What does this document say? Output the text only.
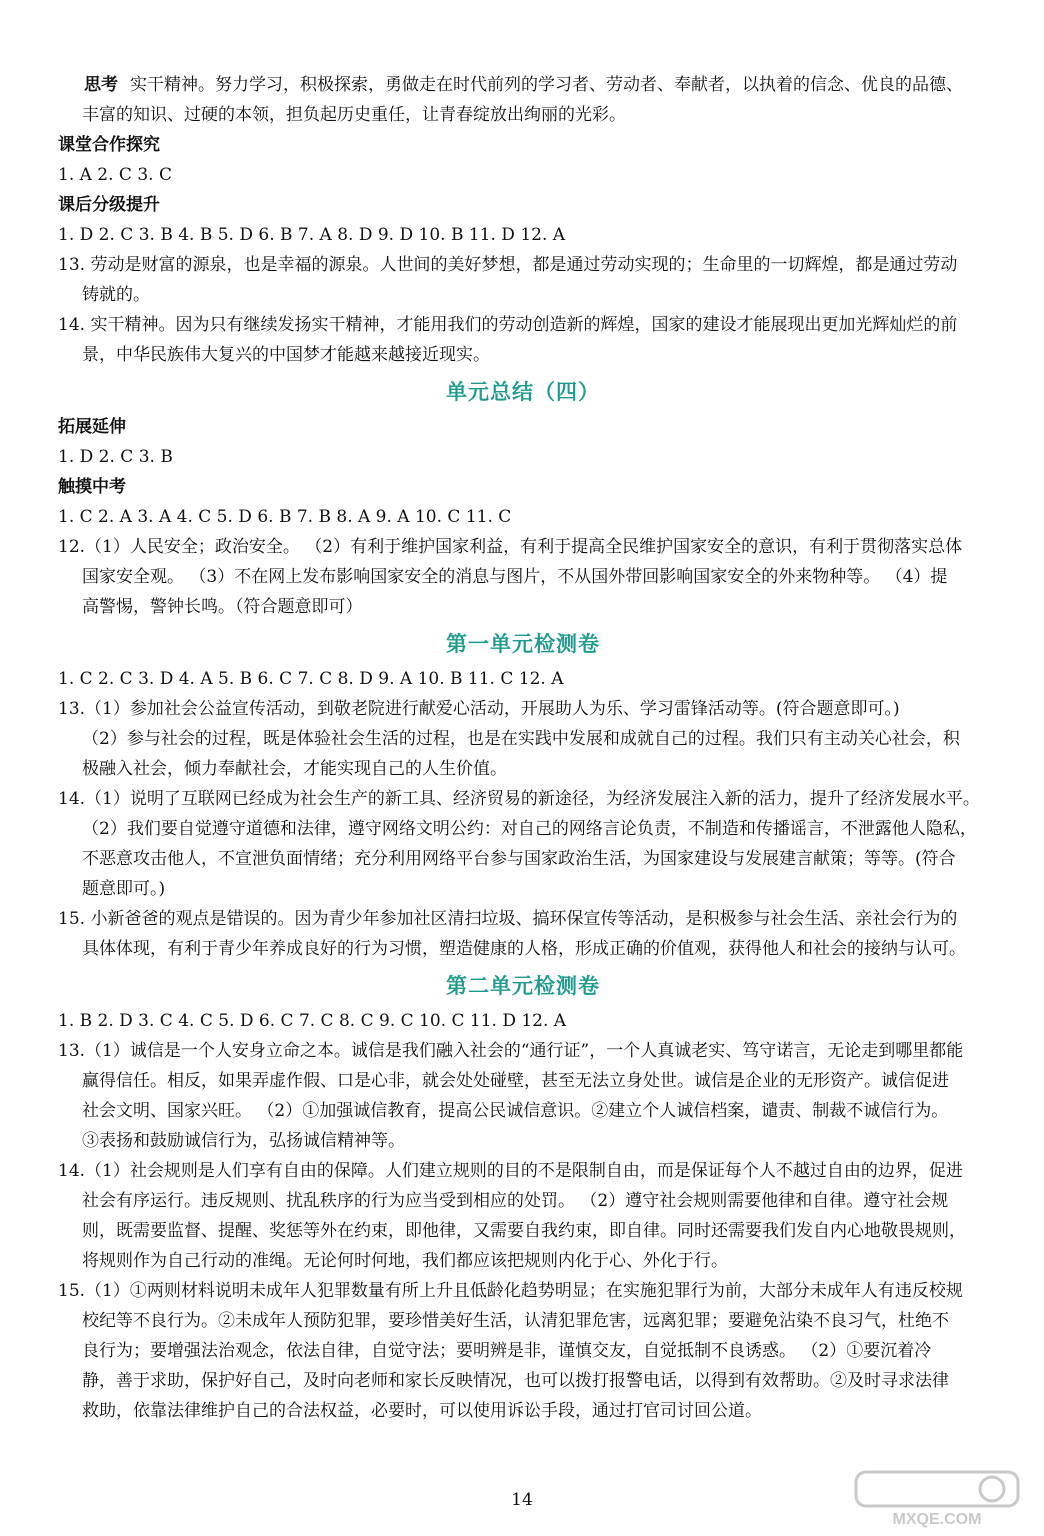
思考 实干精神。努力学习，积极探索，勇做走在时代前列的学习者、劳动者、奉献者，以执着的信念、优良的品德、

丰富的知识、过硬的本领，担负起历史重任，让青春绽放出绚丽的光彩。

课堂合作探究

1. A 2. C 3. C

课后分级提升

1. D 2. C 3. B 4. B 5. D 6. B 7. A 8. D 9. D 10. B 11. D 12. A

13. 劳动是财富的源泉，也是幸福的源泉。人世间的美好梦想，都是通过劳动实现的；生命里的一切辉煌，都是通过劳动

铸就的。

14. 实干精神。因为只有继续发扬实干精神，才能用我们的劳动创造新的辉煌，国家的建设才能展现出更加光辉灿烂的前

景，中华民族伟大复兴的中国梦才能越来越接近现实。

单元总结（四）

拓展延伸

1. D 2. C 3. B

触摸中考

1. C 2. A 3. A 4. C 5. D 6. B 7. B 8. A 9. A 10. C 11. C

12.（1）人民安全；政治安全。 （2）有利于维护国家利益，有利于提高全民维护国家安全的意识，有利于贯彻落实总体

国家安全观。 （3）不在网上发布影响国家安全的消息与图片，不从国外带回影响国家安全的外来物种等。 （4）提

高警惕，警钟长鸣。（符合题意即可）

第一单元检测卷

1. C 2. C 3. D 4. A 5. B 6. C 7. C 8. D 9. A 10. B 11. C 12. A

13.（1）参加社会公益宣传活动，到敬老院进行献爱心活动，开展助人为乐、学习雷锋活动等。(符合题意即可。)

（2）参与社会的过程，既是体验社会生活的过程，也是在实践中发展和成就自己的过程。我们只有主动关心社会，积

极融入社会，倾力奉献社会，才能实现自己的人生价值。

14.（1）说明了互联网已经成为社会生产的新工具、经济贸易的新途径，为经济发展注入新的活力，提升了经济发展水平。

（2）我们要自觉遵守道德和法律，遵守网络文明公约：对自己的网络言论负责，不制造和传播谣言，不泄露他人隐私，

不恶意攻击他人，不宣泄负面情绪；充分利用网络平台参与国家政治生活，为国家建设与发展建言献策；等等。(符合

题意即可。)

15. 小新爸爸的观点是错误的。因为青少年参加社区清扫垃圾、搞环保宣传等活动，是积极参与社会生活、亲社会行为的

具体体现，有利于青少年养成良好的行为习惯，塑造健康的人格，形成正确的价值观，获得他人和社会的接纳与认可。

第二单元检测卷

1. B 2. D 3. C 4. C 5. D 6. C 7. C 8. C 9. C 10. C 11. D 12. A

13.（1）诚信是一个人安身立命之本。诚信是我们融入社会的“通行证”，一个人真诚老实、笃守诺言，无论走到哪里都能

赢得信任。相反，如果弄虚作假、口是心非，就会处处碰壁，甚至无法立身处世。诚信是企业的无形资产。诚信促进

社会文明、国家兴旺。 （2）①加强诚信教育，提高公民诚信意识。②建立个人诚信档案，谴责、制裁不诚信行为。

③表扬和鼓励诚信行为，弘扬诚信精神等。

14.（1）社会规则是人们享有自由的保障。人们建立规则的目的不是限制自由，而是保证每个人不越过自由的边界，促进

社会有序运行。违反规则、扰乱秩序的行为应当受到相应的处罚。 （2）遵守社会规则需要他律和自律。遵守社会规

则，既需要监督、提醒、奖惩等外在约束，即他律，又需要自我约束，即自律。同时还需要我们发自内心地敬畏规则，

将规则作为自己行动的准绳。无论何时何地，我们都应该把规则内化于心、外化于行。

15.（1）①两则材料说明未成年人犯罪数量有所上升且低龄化趋势明显；在实施犯罪行为前，大部分未成年人有违反校规

校纪等不良行为。②未成年人预防犯罪，要珍惜美好生活，认清犯罪危害，远离犯罪；要避免沾染不良习气，杜绝不

良行为；要增强法治观念，依法自律，自觉守法；要明辨是非，谨慎交友，自觉抵制不良诱惑。 （2）①要沉着冷

静，善于求助，保护好自己，及时向老师和家长反映情况，也可以拨打报警电话，以得到有效帮助。②及时寻求法律

救助，依靠法律维护自己的合法权益，必要时，可以使用诉讼手段，通过打官司讨回公道。

14
MXQE.COM
